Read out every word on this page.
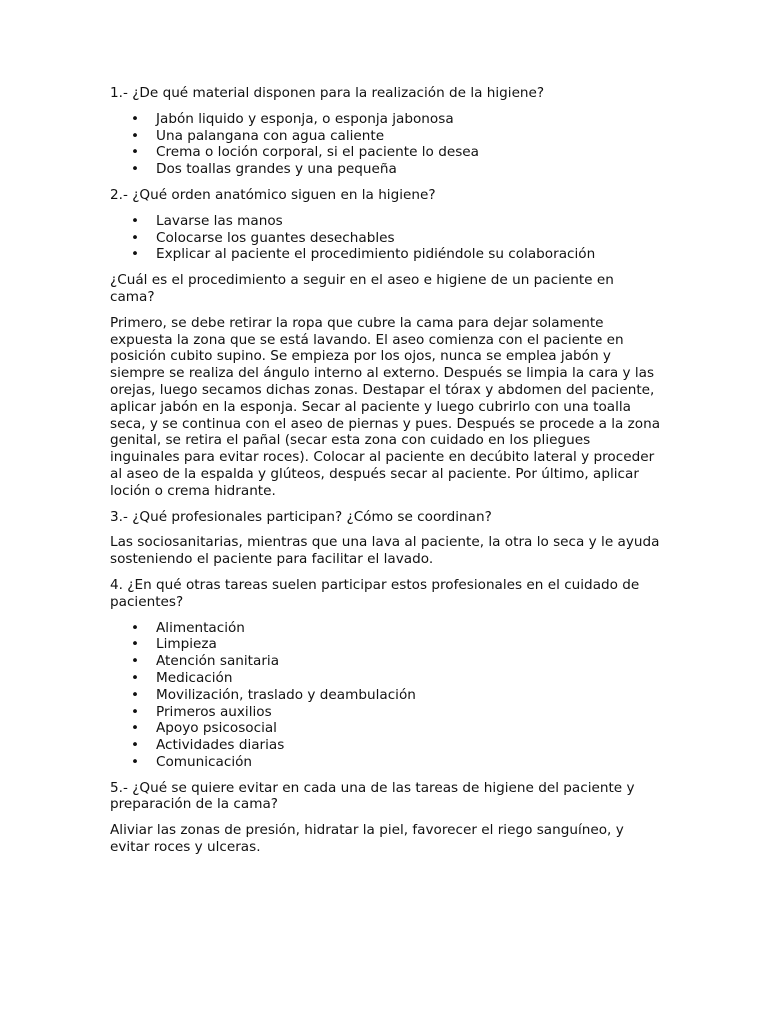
1.- ¿De qué material disponen para la realización de la higiene?

• Jabón liquido y esponja, o esponja jabonosa
• Una palangana con agua caliente
• Crema o loción corporal, si el paciente lo desea
• Dos toallas grandes y una pequeña

2.- ¿Qué orden anatómico siguen en la higiene?

• Lavarse las manos
• Colocarse los guantes desechables
• Explicar al paciente el procedimiento pidiéndole su colaboración

¿Cuál es el procedimiento a seguir en el aseo e higiene de un paciente en cama?

Primero, se debe retirar la ropa que cubre la cama para dejar solamente expuesta la zona que se está lavando. El aseo comienza con el paciente en posición cubito supino. Se empieza por los ojos, nunca se emplea jabón y siempre se realiza del ángulo interno al externo. Después se limpia la cara y las orejas, luego secamos dichas zonas. Destapar el tórax y abdomen del paciente, aplicar jabón en la esponja. Secar al paciente y luego cubrirlo con una toalla seca, y se continua con el aseo de piernas y pues. Después se procede a la zona genital, se retira el pañal (secar esta zona con cuidado en los pliegues inguinales para evitar roces). Colocar al paciente en decúbito lateral y proceder al aseo de la espalda y glúteos, después secar al paciente. Por último, aplicar loción o crema hidrante.

3.- ¿Qué profesionales participan? ¿Cómo se coordinan?

Las sociosanitarias, mientras que una lava al paciente, la otra lo seca y le ayuda sosteniendo el paciente para facilitar el lavado.

4. ¿En qué otras tareas suelen participar estos profesionales en el cuidado de pacientes?

• Alimentación
• Limpieza
• Atención sanitaria
• Medicación
• Movilización, traslado y deambulación
• Primeros auxilios
• Apoyo psicosocial
• Actividades diarias
• Comunicación

5.- ¿Qué se quiere evitar en cada una de las tareas de higiene del paciente y preparación de la cama?

Aliviar las zonas de presión, hidratar la piel, favorecer el riego sanguíneo, y evitar roces y ulceras.
